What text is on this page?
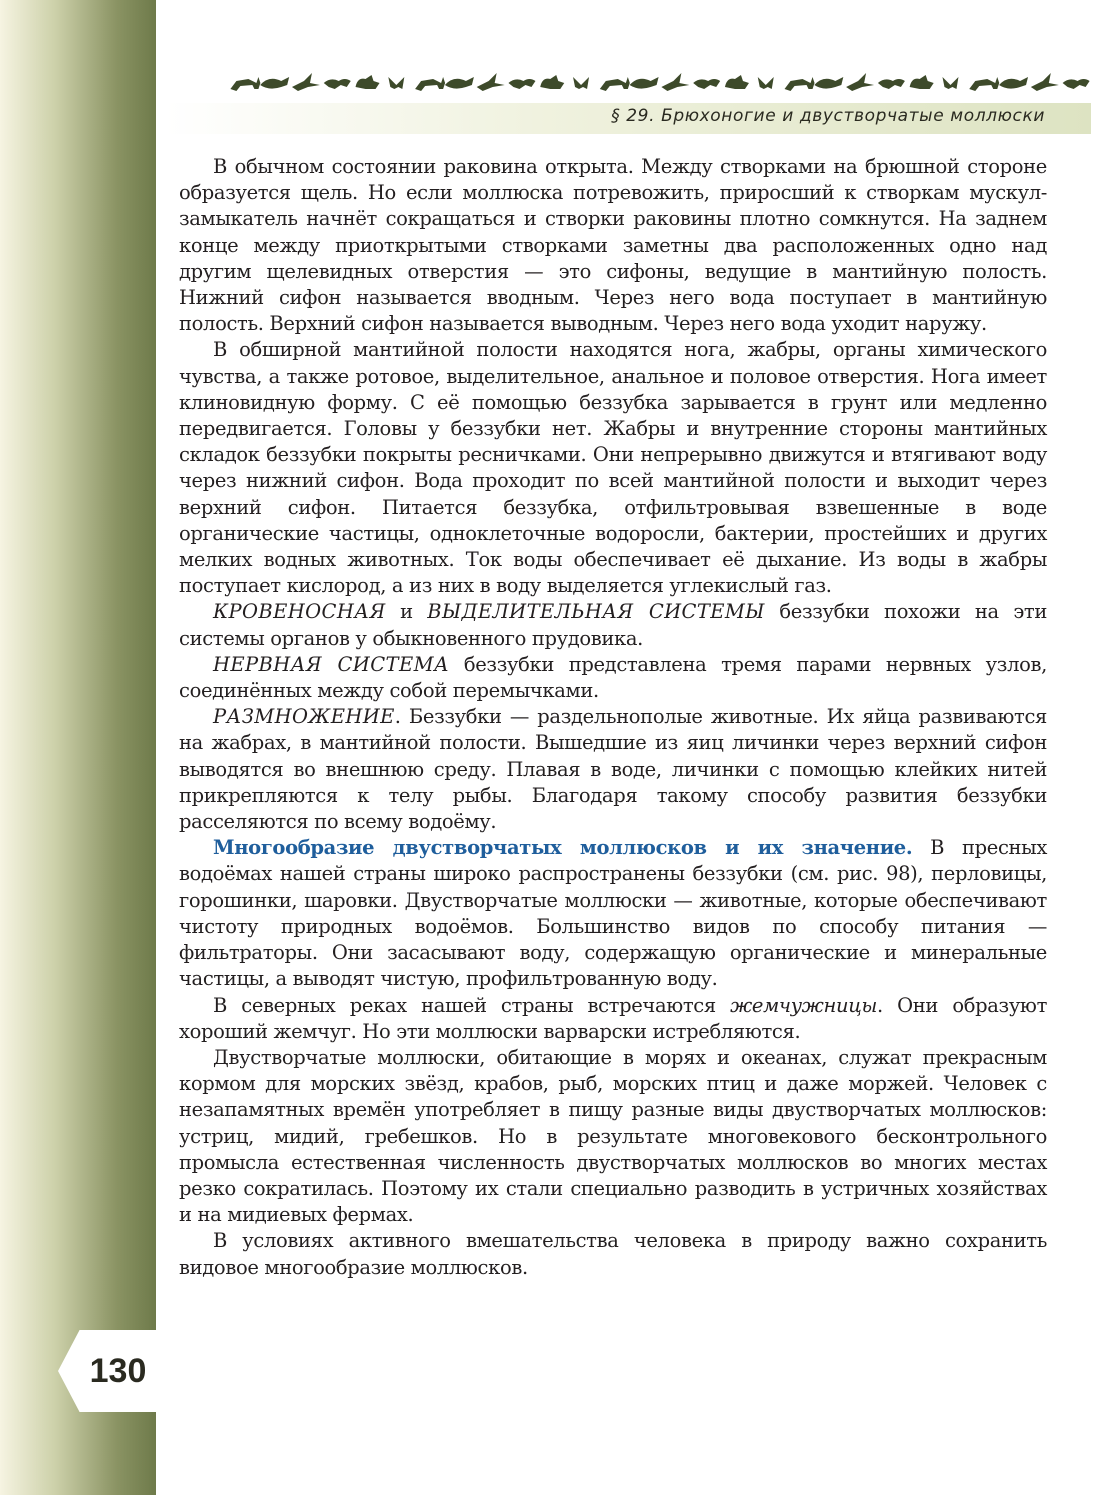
130
§ 29. Брюхоногие и двустворчатые моллюски

В обычном состоянии раковина открыта. Между створками на брюшной стороне образуется щель. Но если моллюска потревожить, приросший к створкам мускул-замыкатель начнёт сокращаться и створки раковины плотно сомкнутся. На заднем конце между приоткрытыми створками заметны два расположенных одно над другим щелевидных отверстия — это сифоны, ведущие в мантийную полость. Нижний сифон называется вводным. Через него вода поступает в мантийную полость. Верхний сифон называется выводным. Через него вода уходит наружу.

В обширной мантийной полости находятся нога, жабры, органы химического чувства, а также ротовое, выделительное, анальное и половое отверстия. Нога имеет клиновидную форму. С её помощью беззубка зарывается в грунт или медленно передвигается. Головы у беззубки нет. Жабры и внутренние стороны мантийных складок беззубки покрыты ресничками. Они непрерывно движутся и втягивают воду через нижний сифон. Вода проходит по всей мантийной полости и выходит через верхний сифон. Питается беззубка, отфильтровывая взвешенные в воде органические частицы, одноклеточные водоросли, бактерии, простейших и других мелких водных животных. Ток воды обеспечивает её дыхание. Из воды в жабры поступает кислород, а из них в воду выделяется углекислый газ.

КРОВЕНОСНАЯ и ВЫДЕЛИТЕЛЬНАЯ СИСТЕМЫ беззубки похожи на эти системы органов у обыкновенного прудовика.

НЕРВНАЯ СИСТЕМА беззубки представлена тремя парами нервных узлов, соединённых между собой перемычками.

РАЗМНОЖЕНИЕ. Беззубки — раздельнополые животные. Их яйца развиваются на жабрах, в мантийной полости. Вышедшие из яиц личинки через верхний сифон выводятся во внешнюю среду. Плавая в воде, личинки с помощью клейких нитей прикрепляются к телу рыбы. Благодаря такому способу развития беззубки расселяются по всему водоёму.

Многообразие двустворчатых моллюсков и их значение. В пресных водоёмах нашей страны широко распространены беззубки (см. рис. 98), перловицы, горошинки, шаровки. Двустворчатые моллюски — животные, которые обеспечивают чистоту природных водоёмов. Большинство видов по способу питания — фильтраторы. Они засасывают воду, содержащую органические и минеральные частицы, а выводят чистую, профильтрованную воду.

В северных реках нашей страны встречаются жемчужницы. Они образуют хороший жемчуг. Но эти моллюски варварски истребляются.

Двустворчатые моллюски, обитающие в морях и океанах, служат прекрасным кормом для морских звёзд, крабов, рыб, морских птиц и даже моржей. Человек с незапамятных времён употребляет в пищу разные виды двустворчатых моллюсков: устриц, мидий, гребешков. Но в результате многовекового бесконтрольного промысла естественная численность двустворчатых моллюсков во многих местах резко сократилась. Поэтому их стали специально разводить в устричных хозяйствах и на мидиевых фермах.

В условиях активного вмешательства человека в природу важно сохранить видовое многообразие моллюсков.
